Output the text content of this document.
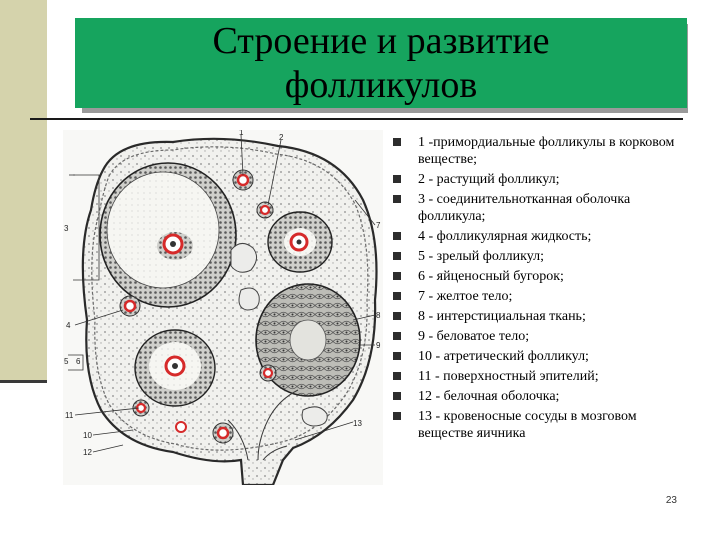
Строение и развитие фолликулов
1
2
3
4
5 6
7
8
9
10
11
12
13
1 -примордиальные фолликулы в корковом веществе;
2 - растущий фолликул;
3 - соединительнотканная оболочка фолликула;
4 - фолликулярная жидкость;
5 - зрелый фолликул;
6 - яйценосный бугорок;
7 - желтое тело;
8 - интерстициальная ткань;
9 - беловатое тело;
10 - атретический фолликул;
11 - поверхностный эпителий;
12 - белочная оболочка;
13 - кровеносные сосуды в мозговом веществе яичника
23
